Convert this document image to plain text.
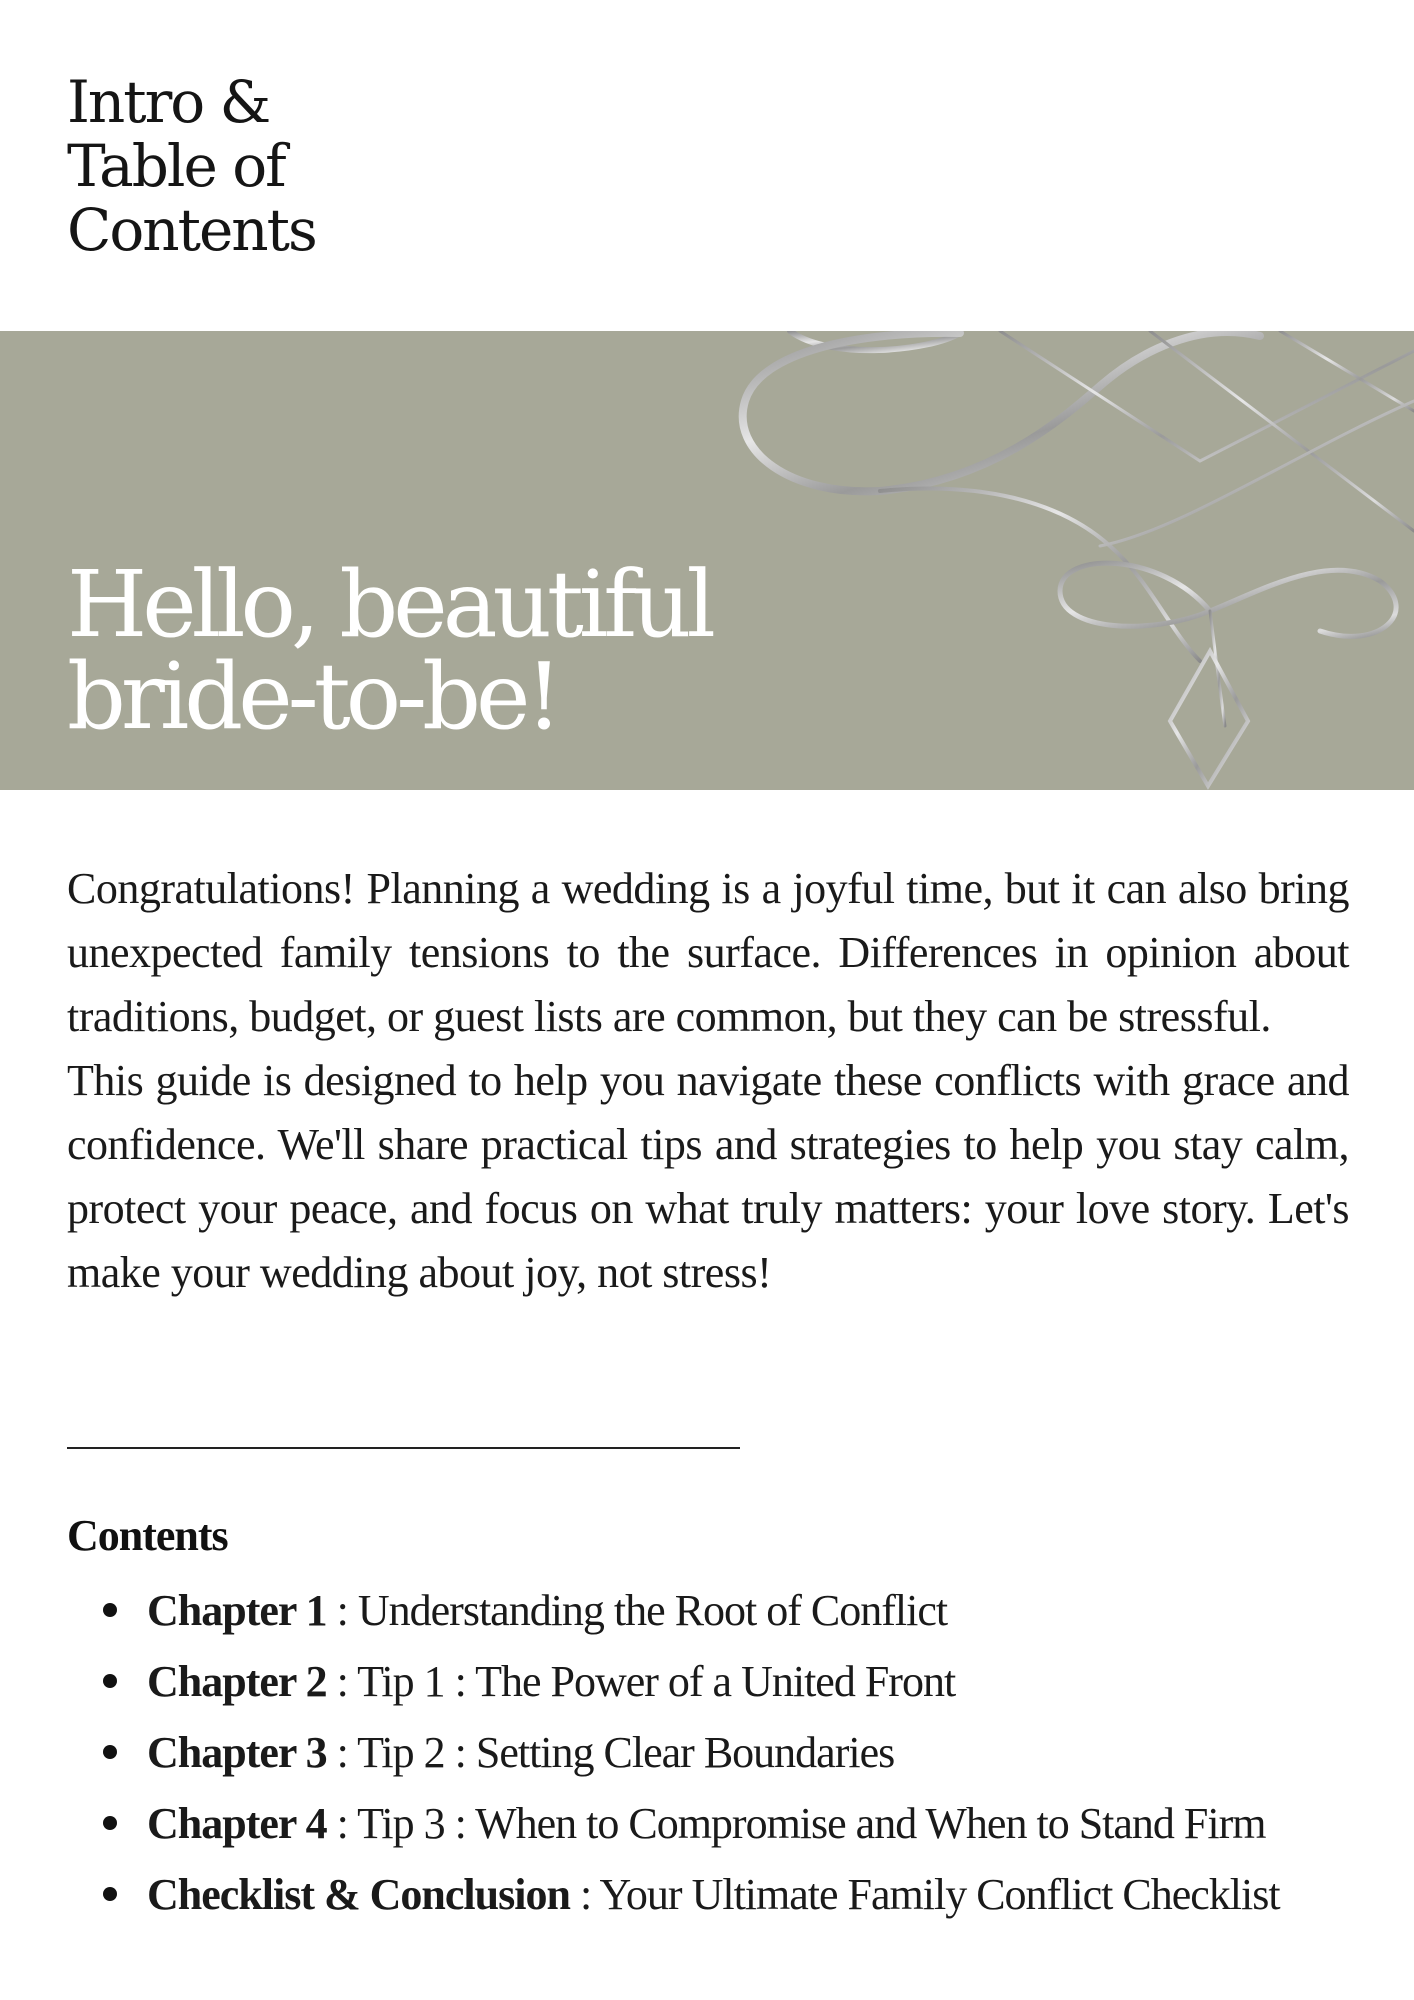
Intro &
Table of
Contents
Hello, beautiful
bride-to-be!

Congratulations! Planning a wedding is a joyful time, but it can also bring unexpected family tensions to the surface. Differences in opinion about traditions, budget, or guest lists are common, but they can be stressful.

This guide is designed to help you navigate these conflicts with grace and confidence. We'll share practical tips and strategies to help you stay calm, protect your peace, and focus on what truly matters: your love story. Let's make your wedding about joy, not stress!

Contents
Chapter 1 : Understanding the Root of Conflict
Chapter 2 : Tip 1 : The Power of a United Front
Chapter 3 : Tip 2 : Setting Clear Boundaries
Chapter 4 : Tip 3 : When to Compromise and When to Stand Firm
Checklist & Conclusion : Your Ultimate Family Conflict Checklist
